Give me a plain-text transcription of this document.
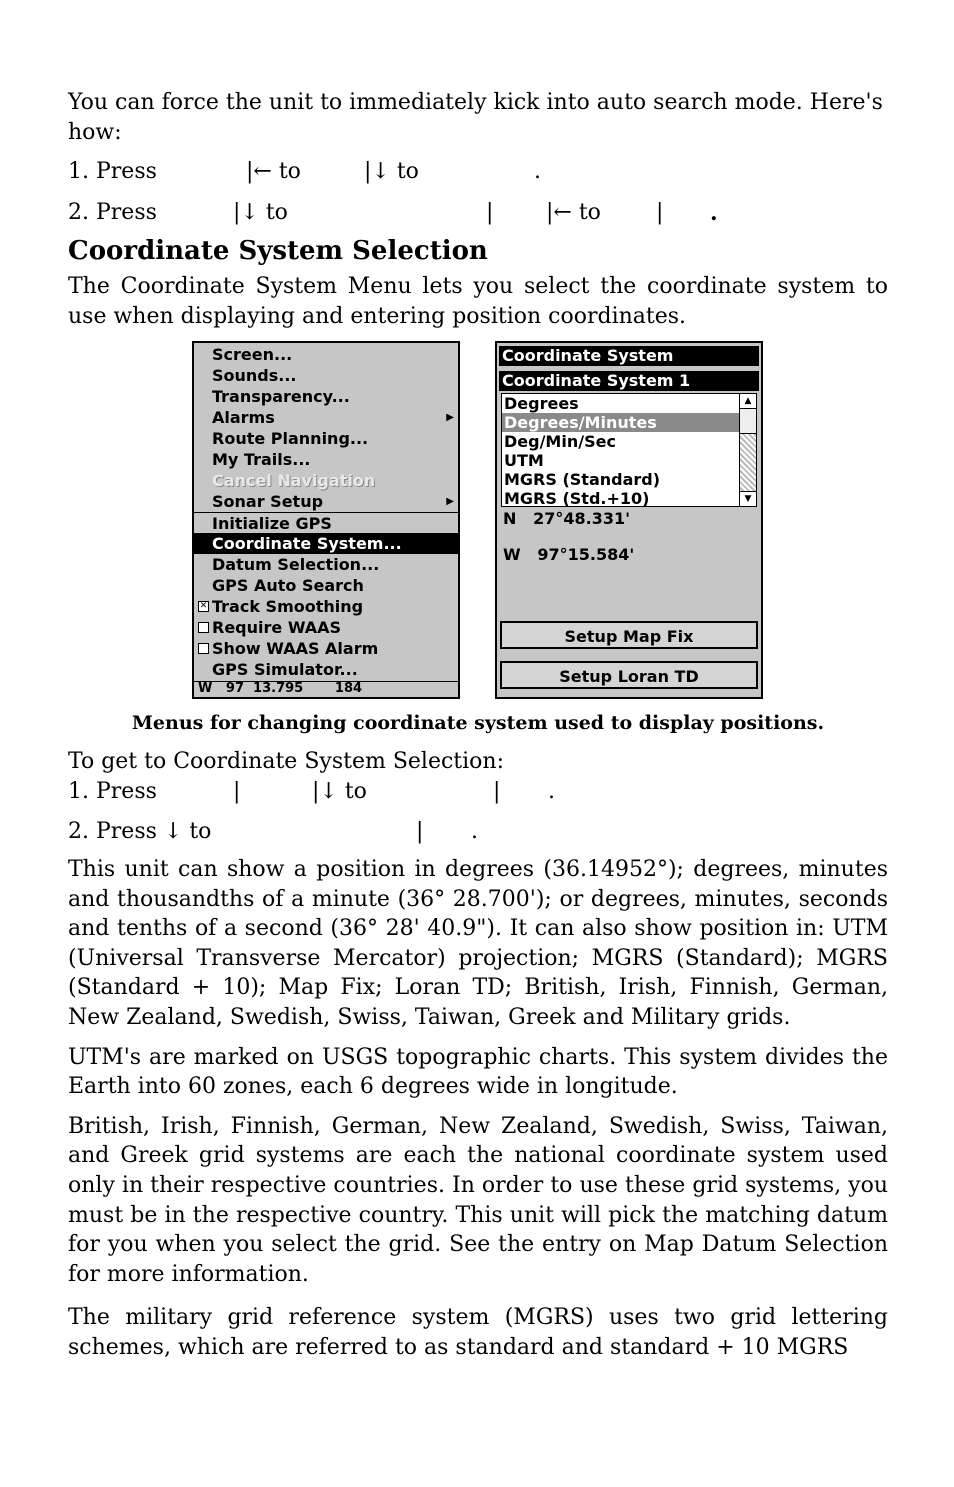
You can force the unit to immediately kick into auto search mode. Here's how:

1. Press	|← to	|↓ to	.
2. Press	|↓ to	| |← to	| .
Coordinate System Selection

The Coordinate System Menu lets you select the coordinate system to use when displaying and entering position coordinates.

Screen...
Sounds...
Transparency...
Alarms	▶
Route Planning...
My Trails...
Cancel Navigation
Sonar Setup	▶
Initialize GPS
Coordinate System...
Datum Selection...
GPS Auto Search
✕ Track Smoothing
Require WAAS
Show WAAS Alarm
GPS Simulator...
W   97  13.795       184
Coordinate System
Coordinate System 1
Degrees
Degrees/Minutes
Deg/Min/Sec
UTM
MGRS (Standard)
MGRS (Std.+10)
▲
▼
N 27°48.331'
W 97°15.584'
Setup Map Fix
Setup Loran TD
Menus for changing coordinate system used to display positions.

To get to Coordinate System Selection:

1. Press	|	|↓ to	| .
2. Press ↓ to	| .

This unit can show a position in degrees (36.14952°); degrees, minutes and thousandths of a minute (36° 28.700'); or degrees, minutes, seconds and tenths of a second (36° 28' 40.9"). It can also show position in: UTM (Universal Transverse Mercator) projection; MGRS (Standard); MGRS (Standard + 10); Map Fix; Loran TD; British, Irish, Finnish, German, New Zealand, Swedish, Swiss, Taiwan, Greek and Military grids.

UTM's are marked on USGS topographic charts. This system divides the Earth into 60 zones, each 6 degrees wide in longitude.

British, Irish, Finnish, German, New Zealand, Swedish, Swiss, Taiwan, and Greek grid systems are each the national coordinate system used only in their respective countries. In order to use these grid systems, you must be in the respective country. This unit will pick the matching datum for you when you select the grid. See the entry on Map Datum Selection for more information.

The military grid reference system (MGRS) uses two grid lettering schemes, which are referred to as standard and standard + 10 MGRS
